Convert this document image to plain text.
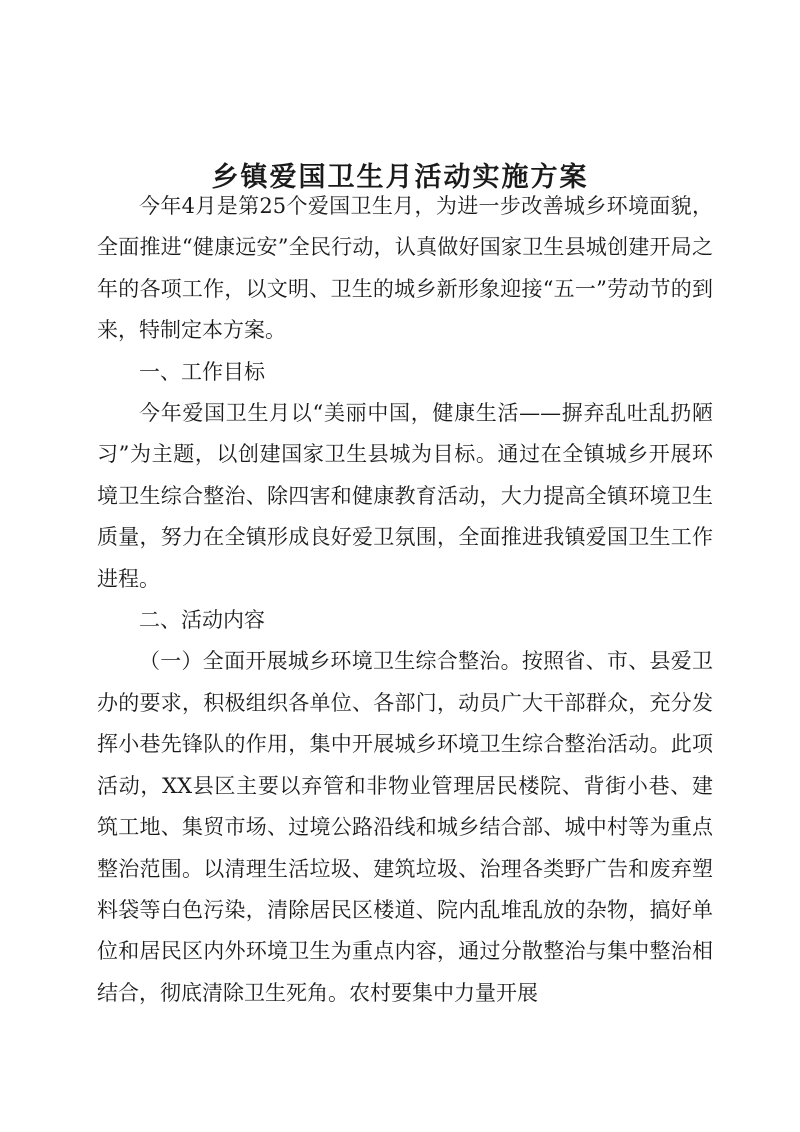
乡镇爱国卫生月活动实施方案

今年4月是第25个爱国卫生月，为进一步改善城乡环境面貌，全面推进“健康远安”全民行动，认真做好国家卫生县城创建开局之年的各项工作，以文明、卫生的城乡新形象迎接“五一”劳动节的到来，特制定本方案。

一、工作目标

今年爱国卫生月以“美丽中国，健康生活——摒弃乱吐乱扔陋习”为主题，以创建国家卫生县城为目标。通过在全镇城乡开展环境卫生综合整治、除四害和健康教育活动，大力提高全镇环境卫生质量，努力在全镇形成良好爱卫氛围，全面推进我镇爱国卫生工作进程。

二、活动内容

（一）全面开展城乡环境卫生综合整治。按照省、市、县爱卫办的要求，积极组织各单位、各部门，动员广大干部群众，充分发挥小巷先锋队的作用，集中开展城乡环境卫生综合整治活动。此项活动，XX县区主要以弃管和非物业管理居民楼院、背街小巷、建筑工地、集贸市场、过境公路沿线和城乡结合部、城中村等为重点整治范围。以清理生活垃圾、建筑垃圾、治理各类野广告和废弃塑料袋等白色污染，清除居民区楼道、院内乱堆乱放的杂物，搞好单位和居民区内外环境卫生为重点内容，通过分散整治与集中整治相结合，彻底清除卫生死角。农村要集中力量开展
